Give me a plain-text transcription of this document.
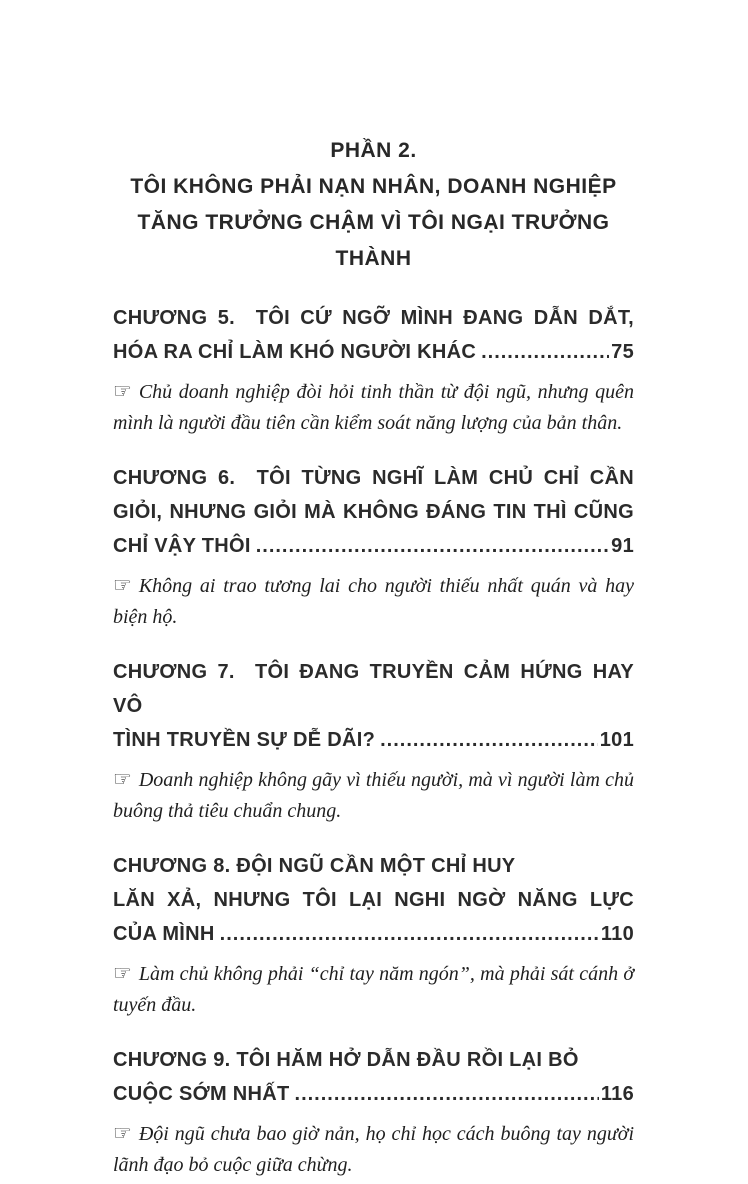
PHẦN 2.
TÔI KHÔNG PHẢI NẠN NHÂN, DOANH NGHIỆP
TĂNG TRƯỞNG CHẬM VÌ TÔI NGẠI TRƯỞNG THÀNH
CHƯƠNG 5.  TÔI CỨ NGỠ MÌNH ĐANG DẪN DẮT,
HÓA RA CHỈ LÀM KHÓ NGƯỜI KHÁC .....	75

☞ Chủ doanh nghiệp đòi hỏi tinh thần từ đội ngũ, nhưng quên mình là người đầu tiên cần kiểm soát năng lượng của bản thân.

CHƯƠNG 6.  TÔI TỪNG NGHĨ LÀM CHỦ CHỈ CẦN
GIỎI, NHƯNG GIỎI MÀ KHÔNG ĐÁNG TIN THÌ CŨNG
CHỈ VẬY THÔI .....	91

☞ Không ai trao tương lai cho người thiếu nhất quán và hay biện hộ.

CHƯƠNG 7.  TÔI ĐANG TRUYỀN CẢM HỨNG HAY VÔ
TÌNH TRUYỀN SỰ DỄ DÃI? .....	101

☞ Doanh nghiệp không gãy vì thiếu người, mà vì người làm chủ buông thả tiêu chuẩn chung.

CHƯƠNG 8. ĐỘI NGŨ CẦN MỘT CHỈ HUY
LĂN XẢ, NHƯNG TÔI LẠI NGHI NGỜ NĂNG LỰC
CỦA MÌNH .....	110

☞ Làm chủ không phải “chỉ tay năm ngón”, mà phải sát cánh ở tuyến đầu.

CHƯƠNG 9. TÔI HĂM HỞ DẪN ĐẦU RỒI LẠI BỎ
CUỘC SỚM NHẤT .....	116

☞ Đội ngũ chưa bao giờ nản, họ chỉ học cách buông tay người lãnh đạo bỏ cuộc giữa chừng.
